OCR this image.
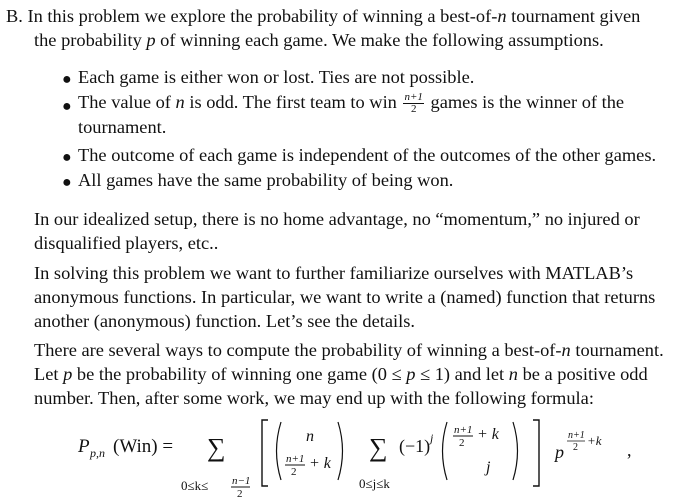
B. In this problem we explore the probability of winning a best-of-n tournament given
the probability p of winning each game. We make the following assumptions.
● Each game is either won or lost. Ties are not possible.
● The value of n is odd. The first team to win $\frac{n+1}{2}$ games is the winner of the
tournament.
● The outcome of each game is independent of the outcomes of the other games.
● All games have the same probability of being won.
In our idealized setup, there is no home advantage, no “momentum,” no injured or
disqualified players, etc..
In solving this problem we want to further familiarize ourselves with MATLAB’s
anonymous functions. In particular, we want to write a (named) function that returns
another (anonymous) function. Let’s see the details.
There are several ways to compute the probability of winning a best-of-n tournament.
Let p be the probability of winning one game (0 ≤ p ≤ 1) and let n be a positive odd
number. Then, after some work, we may end up with the following formula:
P p,n (Win) = ∑
0≤k≤ n−1
2
n
n+1
2 + k
∑
0≤j≤k
(−1) j
n+1
2 + k
j
p
n+1
2 +k ,
